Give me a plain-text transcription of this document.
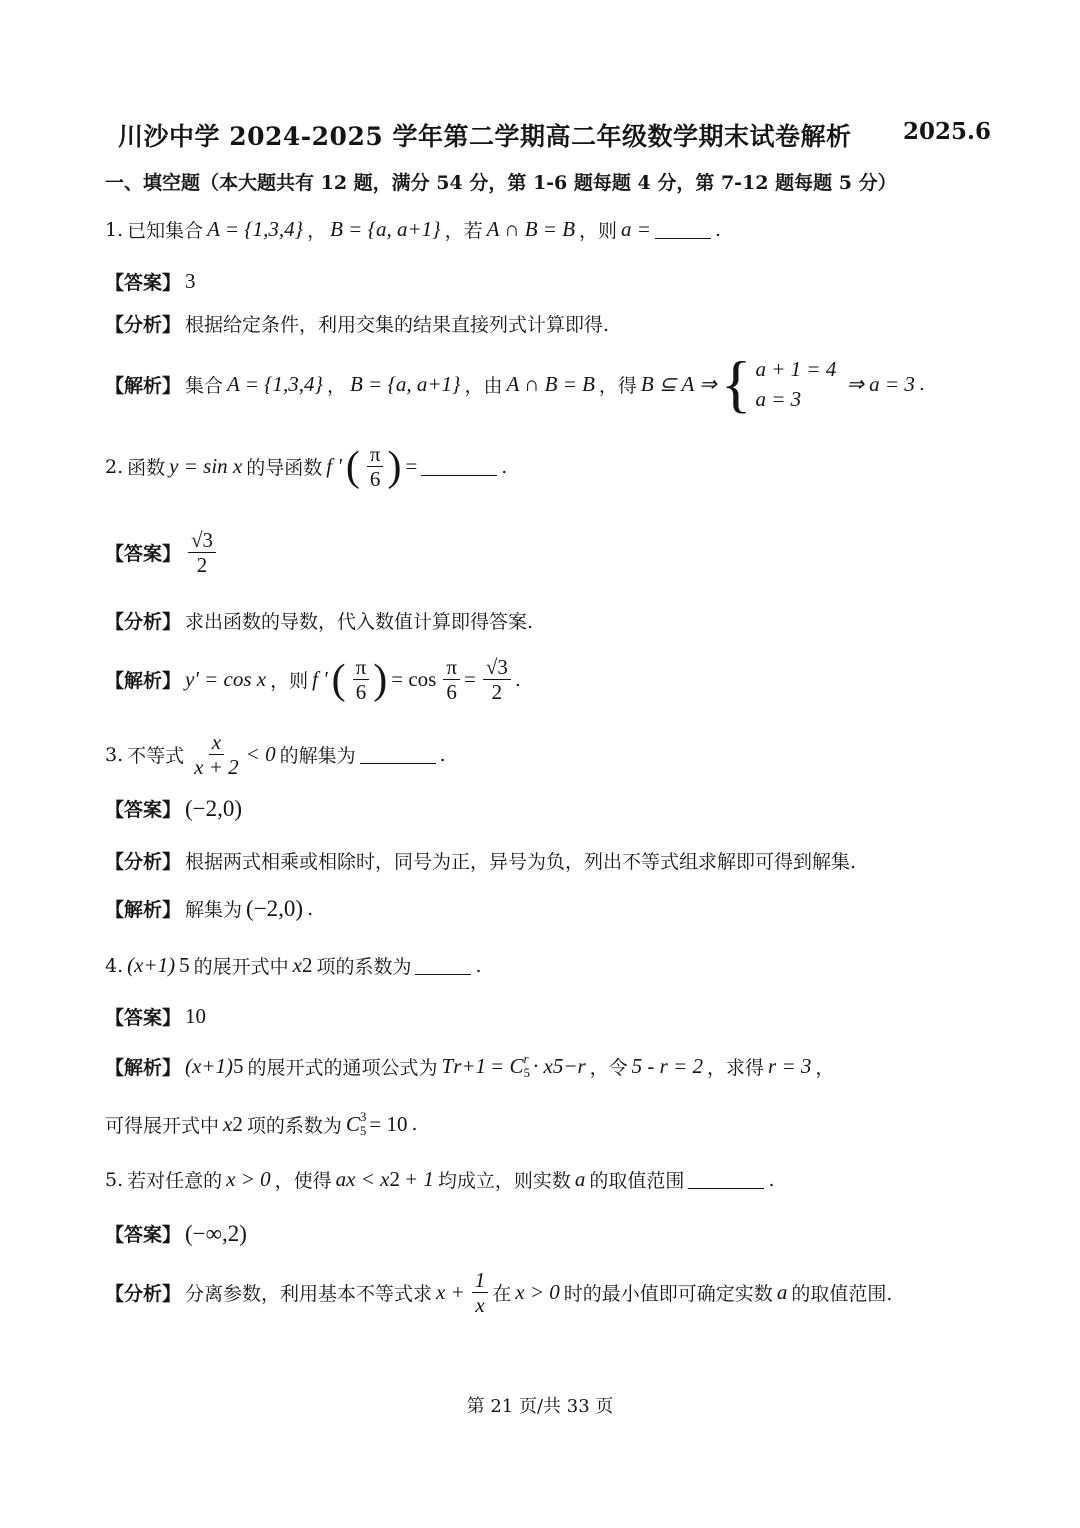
川沙中学 2024-2025 学年第二学期高二年级数学期末试卷解析 2025.6
一、填空题（本大题共有 12 题，满分 54 分，第 1-6 题每题 4 分，第 7-12 题每题 5 分）
1. 已知集合 A = {1,3,4} ， B = {a, a+1} ，若 A ∩ B = B ，则 a =	.
【答案】 3
【分析】 根据给定条件，利用交集的结果直接列式计算即得.
【解析】 集合 A = {1,3,4} ， B = {a, a+1} ，由 A ∩ B = B ，得 B ⊆ A ⇒ { a + 1 = 4
a = 3
⇒ a = 3 .
2. 函数 y = sin x 的导函数 f ' ( $\frac{\pi}{6}$ ) =	.
【答案】 $\frac{√3}{2}$
【分析】 求出函数的导数，代入数值计算即得答案.
【解析】 y' = cos x ，则 f ' ( $\frac{\pi}{6}$ ) = $\cos \frac{\pi}{6} = \frac{√3}{2}$ .
3. 不等式 $\frac{x}{x + 2} < 0$ 的解集为	.
【答案】 (−2,0)
【分析】 根据两式相乘或相除时，同号为正，异号为负，列出不等式组求解即可得到解集.
【解析】 解集为 (−2,0) .
4. (x+1) 5 的展开式中 x 2 项的系数为	.
【答案】 10
【解析】 (x+1) 5 的展开式的通项公式为 T r+1 = C r
5 · x 5−r ，令 5 - r = 2 ，求得 r = 3 ，
可得展开式中 x 2 项的系数为 C 3
5 = 10 .
5. 若对任意的 x > 0 ，使得 ax < x 2 + 1 均成立，则实数 a 的取值范围	.
【答案】 (−∞,2)
【分析】 分离参数，利用基本不等式求 $x + \frac{1}{x}$ 在 x > 0 时的最小值即可确定实数 a 的取值范围.
第 21 页/共 33 页
